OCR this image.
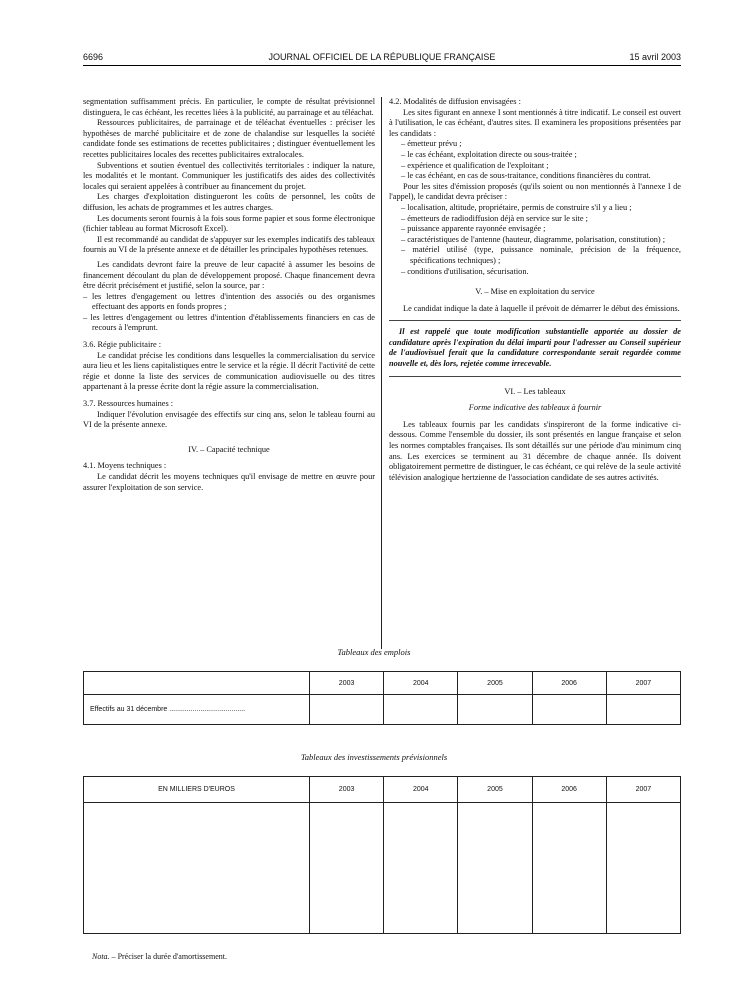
6696	JOURNAL OFFICIEL DE LA RÉPUBLIQUE FRANÇAISE	15 avril 2003

segmentation suffisamment précis. En particulier, le compte de résultat prévisionnel distinguera, le cas échéant, les recettes liées à la publicité, au parrainage et au téléachat.

Ressources publicitaires, de parrainage et de téléachat éventuelles : préciser les hypothèses de marché publicitaire et de zone de chalandise sur lesquelles la société candidate fonde ses estimations de recettes publicitaires ; distinguer éventuellement les recettes publicitaires locales des recettes publicitaires extralocales.

Subventions et soutien éventuel des collectivités territoriales : indiquer la nature, les modalités et le montant. Communiquer les justificatifs des aides des collectivités locales qui seraient appelées à contribuer au financement du projet.

Les charges d'exploitation distingueront les coûts de personnel, les coûts de diffusion, les achats de programmes et les autres charges.

Les documents seront fournis à la fois sous forme papier et sous forme électronique (fichier tableau au format Microsoft Excel).

Il est recommandé au candidat de s'appuyer sur les exemples indicatifs des tableaux fournis au VI de la présente annexe et de détailler les principales hypothèses retenues.

Les candidats devront faire la preuve de leur capacité à assumer les besoins de financement découlant du plan de développement proposé. Chaque financement devra être décrit précisément et justifié, selon la source, par :

– les lettres d'engagement ou lettres d'intention des associés ou des organismes effectuant des apports en fonds propres ;

– les lettres d'engagement ou lettres d'intention d'établissements financiers en cas de recours à l'emprunt.

3.6. Régie publicitaire :

Le candidat précise les conditions dans lesquelles la commercialisation du service aura lieu et les liens capitalistiques entre le service et la régie. Il décrit l'activité de cette régie et donne la liste des services de communication audiovisuelle ou des titres appartenant à la presse écrite dont la régie assure la commercialisation.

3.7. Ressources humaines :

Indiquer l'évolution envisagée des effectifs sur cinq ans, selon le tableau fourni au VI de la présente annexe.

IV. – Capacité technique

4.1. Moyens techniques :

Le candidat décrit les moyens techniques qu'il envisage de mettre en œuvre pour assurer l'exploitation de son service.

4.2. Modalités de diffusion envisagées :

Les sites figurant en annexe I sont mentionnés à titre indicatif. Le conseil est ouvert à l'utilisation, le cas échéant, d'autres sites. Il examinera les propositions présentées par les candidats :

– émetteur prévu ;

– le cas échéant, exploitation directe ou sous-traitée ;

– expérience et qualification de l'exploitant ;

– le cas échéant, en cas de sous-traitance, conditions financières du contrat.

Pour les sites d'émission proposés (qu'ils soient ou non mentionnés à l'annexe I de l'appel), le candidat devra préciser :

– localisation, altitude, propriétaire, permis de construire s'il y a lieu ;

– émetteurs de radiodiffusion déjà en service sur le site ;

– puissance apparente rayonnée envisagée ;

– caractéristiques de l'antenne (hauteur, diagramme, polarisation, constitution) ;

– matériel utilisé (type, puissance nominale, précision de la fréquence, spécifications techniques) ;

– conditions d'utilisation, sécurisation.

V. – Mise en exploitation du service

Le candidat indique la date à laquelle il prévoit de démarrer le début des émissions.

Il est rappelé que toute modification substantielle apportée au dossier de candidature après l'expiration du délai imparti pour l'adresser au Conseil supérieur de l'audiovisuel ferait que la candidature correspondante serait regardée comme nouvelle et, dès lors, rejetée comme irrecevable.

VI. – Les tableaux

Forme indicative des tableaux à fournir

Les tableaux fournis par les candidats s'inspireront de la forme indicative ci-dessous. Comme l'ensemble du dossier, ils sont présentés en langue française et selon les normes comptables françaises. Ils sont détaillés sur une période d'au minimum cinq ans. Les exercices se terminent au 31 décembre de chaque année. Ils doivent obligatoirement permettre de distinguer, le cas échéant, ce qui relève de la seule activité télévision analogique hertzienne de l'association candidate de ses autres activités.

Tableaux des emplois
	2003	2004	2005	2006	2007
Effectifs au 31 décembre .......................................					
Tableaux des investissements prévisionnels
EN MILLIERS D'EUROS	2003	2004	2005	2006	2007

Nota. – Préciser la durée d'amortissement.
